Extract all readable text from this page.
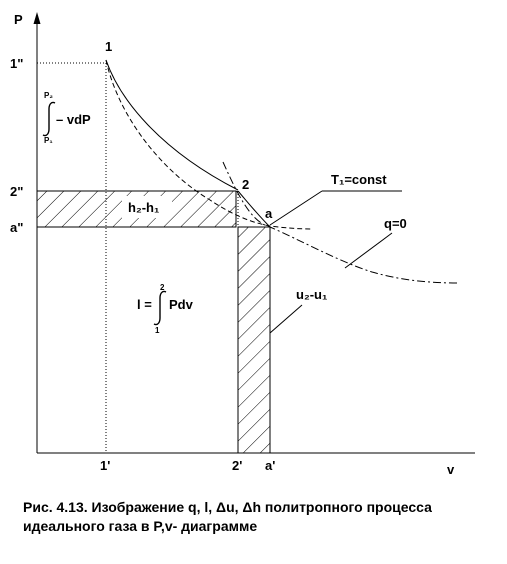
P
v
1
2
a
1"
2"
a"
1'	2' a'
T₁=const
q=0
h₂-h₁
u₂-u₁
l =
2
1
Pdv
P₂
P₁
– vdP
Рис. 4.13. Изображение q, l, Δu, Δh политропного процесса
идеального газа в P,v- диаграмме
